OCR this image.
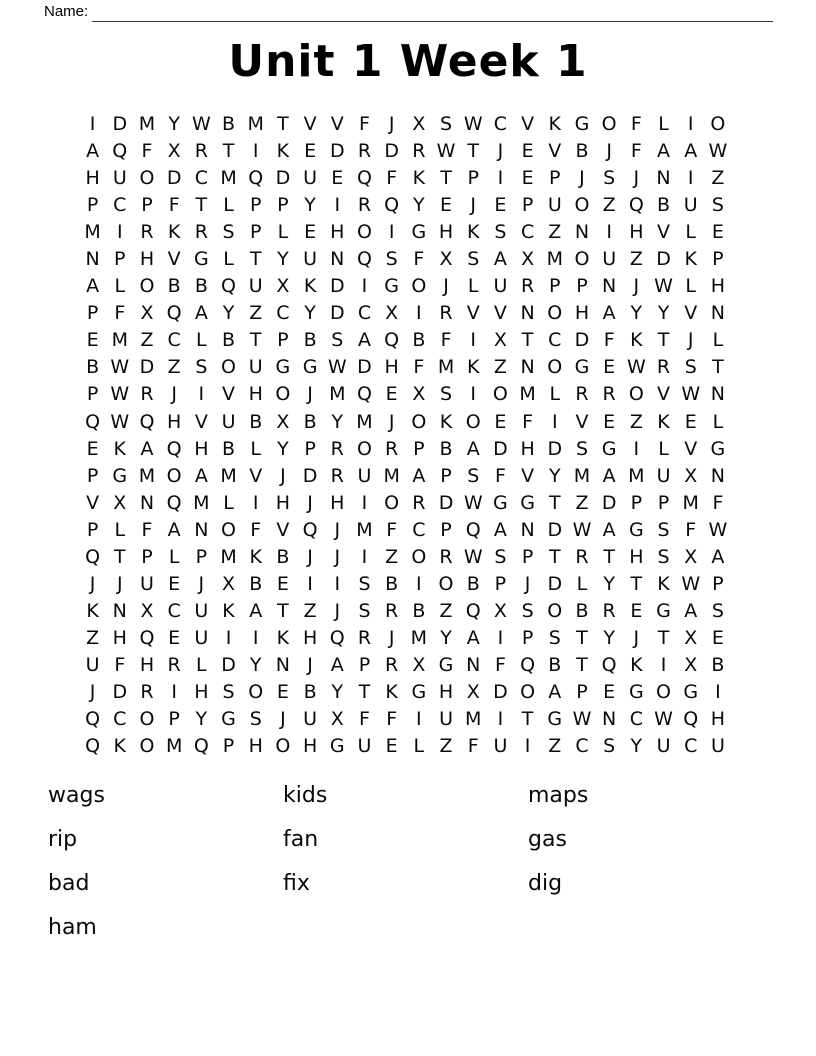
Name:
Unit 1 Week 1
I D M Y W B M T V V F J X S W C V K G O F L	I O
A Q F X R T I K E D R D R W T J E V B J F A A W
H U O D C M Q D U E Q F K T P I E P J S J N I Z
P C P F T L P P Y I R Q Y E J E P U O Z Q B U S
M I R K R S P L E H O I G H K S C Z N I H V L E
N P H V G L T Y U N Q S F X S A X M O U Z D K P
A L O B B Q U X K D I G O J	L U R P P N J W L H
P F X Q A Y Z C Y D C X I R V V N O H A Y Y V N
E M Z C L B T P B S A Q B F I X T C D F K T J	L
B W D Z S O U G G W D H F M K Z N O G E W R S T
P W R J	I V H O J M Q E X S I O M L R R O V W N
Q W Q H V U B X B Y M J O K O E F I V E Z K E L
E K A Q H B L Y P R O R P B A D H D S G I	L V G
P G M O A M V J D R U M A P S F V Y M A M U X N
V X N Q M L	I H J H I O R D W G G T Z D P P M F
P L F A N O F V Q J M F C P Q A N D W A G S F W
Q T P L P M K B J	J	I Z O R W S P T R T H S X A
J	J U E J X B E I	I S B I O B P J D L Y T K W P
K N X C U K A T Z J S R B Z Q X S O B R E G A S
Z H Q E U I	I K H Q R J M Y A I P S T Y J T X E
U F H R L D Y N J A P R X G N F Q B T Q K I X B
J D R I H S O E B Y T K G H X D O A P E G O G I
Q C O P Y G S J U X F F I U M I T G W N C W Q H
Q K O M Q P H O H G U E L Z F U I Z C S Y U C U
wags	kids	maps
rip	fan	gas
bad	fix	dig
ham
